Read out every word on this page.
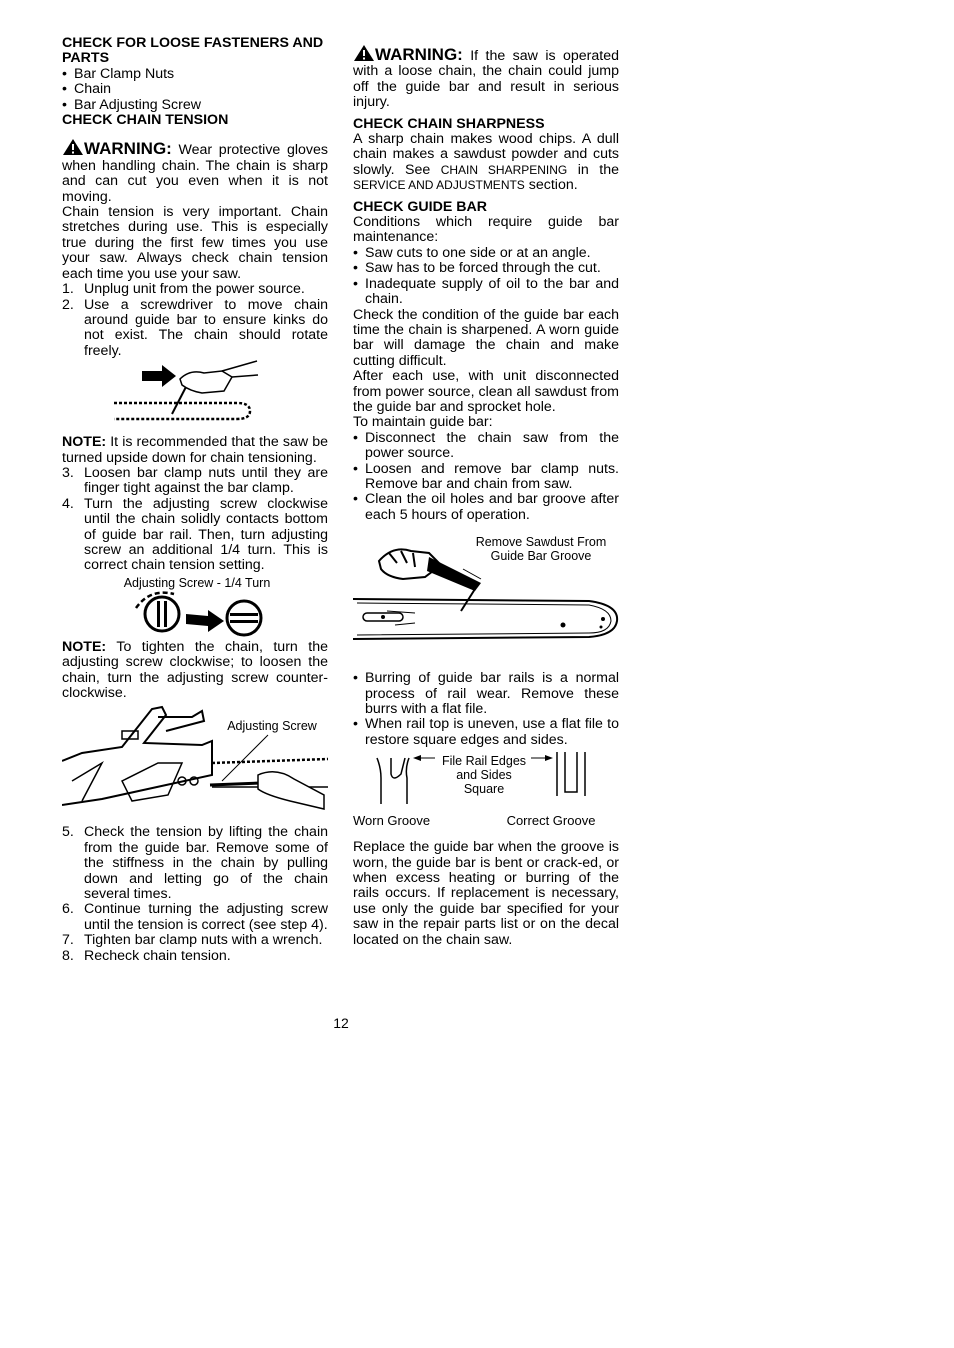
CHECK FOR LOOSE FASTENERS AND PARTS

• Bar Clamp Nuts
• Chain
• Bar Adjusting Screw

CHECK CHAIN TENSION

WARNING: Wear protective gloves when handling chain. The chain is sharp and can cut you even when it is not moving.

Chain tension is very important. Chain stretches during use. This is especially true during the first few times you use your saw. Always check chain tension each time you use your saw.

1. Unplug unit from the power source.
2. Use a screwdriver to move chain around guide bar to ensure kinks do not exist. The chain should rotate freely.

NOTE: It is recommended that the saw be turned upside down for chain tensioning.

3. Loosen bar clamp nuts until they are finger tight against the bar clamp.
4. Turn the adjusting screw clockwise until the chain solidly contacts bottom of guide bar rail. Then, turn adjusting screw an additional 1/4 turn. This is correct chain tension setting.
Adjusting Screw - 1/4 Turn

NOTE: To tighten the chain, turn the adjusting screw clockwise; to loosen the chain, turn the adjusting screw counter-clockwise.

Adjusting Screw
5. Check the tension by lifting the chain from the guide bar. Remove some of the stiffness in the chain by pulling down and letting go of the chain several times.
6. Continue turning the adjusting screw until the tension is correct (see step 4).
7. Tighten bar clamp nuts with a wrench.
8. Recheck chain tension.

WARNING: If the saw is operated with a loose chain, the chain could jump off the guide bar and result in serious injury.

CHECK CHAIN SHARPNESS

A sharp chain makes wood chips. A dull chain makes a sawdust powder and cuts slowly. See CHAIN SHARPENING in the SERVICE AND ADJUSTMENTS section.

CHECK GUIDE BAR

Conditions which require guide bar maintenance:

• Saw cuts to one side or at an angle.
• Saw has to be forced through the cut.
• Inadequate supply of oil to the bar and chain.

Check the condition of the guide bar each time the chain is sharpened. A worn guide bar will damage the chain and make cutting difficult.

After each use, with unit disconnected from power source, clean all sawdust from the guide bar and sprocket hole.

To maintain guide bar:

• Disconnect the chain saw from the power source.
• Loosen and remove bar clamp nuts. Remove bar and chain from saw.
• Clean the oil holes and bar groove after each 5 hours of operation.
Remove Sawdust From
Guide Bar Groove
• Burring of guide bar rails is a normal process of rail wear. Remove these burrs with a flat file.
• When rail top is uneven, use a flat file to restore square edges and sides.
File Rail Edges
and Sides
Square
Worn Groove	Correct Groove

Replace the guide bar when the groove is worn, the guide bar is bent or crack-ed, or when excess heating or burring of the rails occurs. If replacement is necessary, use only the guide bar specified for your saw in the repair parts list or on the decal located on the chain saw.

12
